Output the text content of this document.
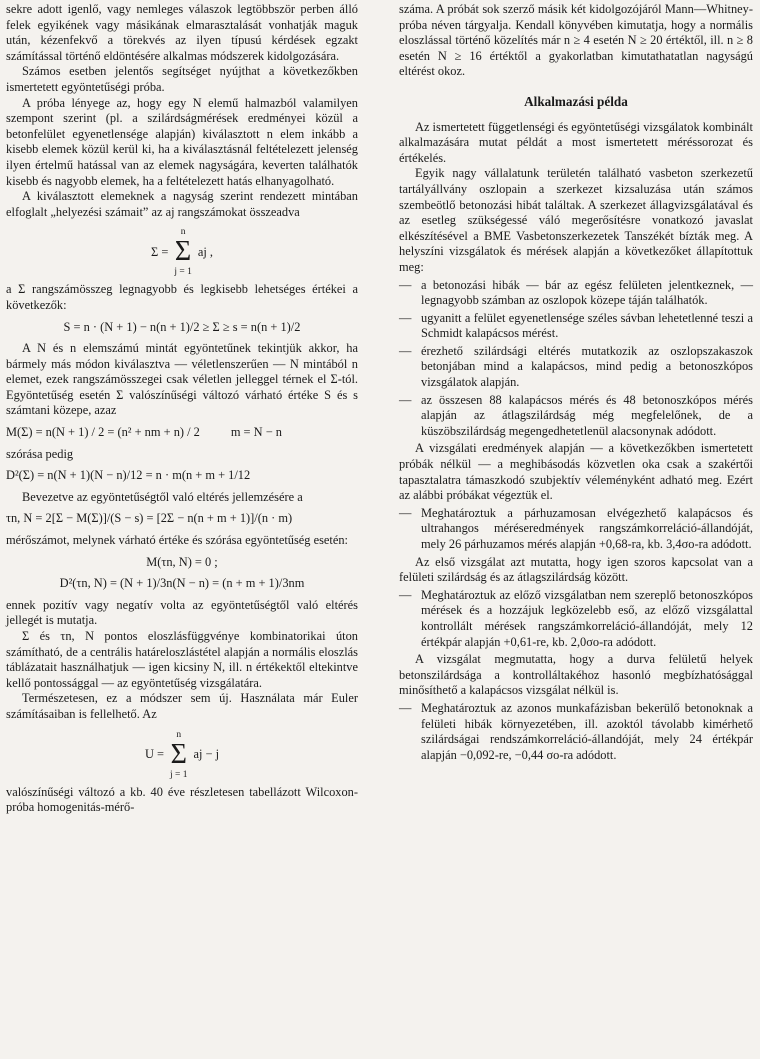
sekre adott igenlő, vagy nemleges válaszok legtöbbször perben álló felek egyikének vagy másikának elmarasztalását vonhatják maguk után, kézenfekvő a törekvés az ilyen típusú kérdések egzakt számítással történő eldöntésére alkalmas módszerek kidolgozására.

Számos esetben jelentős segítséget nyújthat a következőkben ismertetett egyöntetűségi próba.

A próba lényege az, hogy egy N elemű halmazból valamilyen szempont szerint (pl. a szilárdságmérések eredményei közül a betonfelület egyenetlensége alapján) kiválasztott n elem inkább a kisebb elemek közül kerül ki, ha a kiválasztásnál feltételezett jelenség ilyen értelmű hatással van az elemek nagyságára, keverten találhatók kisebb és nagyobb elemek, ha a feltételezett hatás elhanyagolható.

A kiválasztott elemeknek a nagyság szerint rendezett mintában elfoglalt „helyezési számait” az aj rangszámokat összeadva

Σ =
n
Σ
j = 1
aj ,

a Σ rangszámösszeg legnagyobb és legkisebb lehetséges értékei a következők:

S = n · (N + 1) − n(n + 1)/2 ≥ Σ ≥ s = n(n + 1)/2

A N és n elemszámú mintát egyöntetűnek tekintjük akkor, ha bármely más módon kiválasztva — véletlenszerűen — N mintából n elemet, ezek rangszámösszegei csak véletlen jelleggel térnek el Σ-tól. Egyöntetűség esetén Σ valószínűségi változó várható értéke S és s számtani közepe, azaz

M(Σ) = n(N + 1) / 2 = (n² + nm + n) / 2          m = N − n

szórása pedig

D²(Σ) = n(N + 1)(N − n)/12 = n · m(n + m + 1/12

Bevezetve az egyöntetűségtől való eltérés jellemzésére a

τn, N = 2[Σ − M(Σ)]/(S − s) = [2Σ − n(n + m + 1)]/(n · m)

mérőszámot, melynek várható értéke és szórása egyöntetűség esetén:

M(τn, N) = 0 ;
D²(τn, N) = (N + 1)/3n(N − n) = (n + m + 1)/3nm

ennek pozitív vagy negatív volta az egyöntetűségtől való eltérés jellegét is mutatja.

Σ és τn, N pontos eloszlásfüggvénye kombinatorikai úton számítható, de a centrális határeloszlástétel alapján a normális eloszlás táblázatait használhatjuk — igen kicsiny N, ill. n értékektől eltekintve kellő pontossággal — az egyöntetűség vizsgálatára.

Természetesen, ez a módszer sem új. Használata már Euler számításaiban is fellelhető. Az

U =
n
Σ
j = 1
aj − j

valószínűségi változó a kb. 40 éve részletesen tabellázott Wilcoxon-próba homogenitás-mérő-

száma. A próbát sok szerző másik két kidolgozójáról Mann—Whitney-próba néven tárgyalja. Kendall könyvében kimutatja, hogy a normális eloszlással történő közelítés már n ≥ 4 esetén N ≥ 20 értéktől, ill. n ≥ 8 esetén N ≥ 16 értéktől a gyakorlatban kimutathatatlan nagyságú eltérést okoz.

Alkalmazási példa

Az ismertetett függetlenségi és egyöntetűségi vizsgálatok kombinált alkalmazására mutat példát a most ismertetett méréssorozat és értékelés.

Egyik nagy vállalatunk területén található vasbeton szerkezetű tartályállvány oszlopain a szerkezet kizsaluzása után számos szembeötlő betonozási hibát találtak. A szerkezet állagvizsgálatával és az esetleg szükségessé váló megerősítésre vonatkozó javaslat elkészítésével a BME Vasbetonszerkezetek Tanszékét bízták meg. A helyszíni vizsgálatok és mérések alapján a következőket állapítottuk meg:

— a betonozási hibák — bár az egész felületen jelentkeznek, — legnagyobb számban az oszlopok közepe táján találhatók.
— ugyanitt a felület egyenetlensége széles sávban lehetetlenné teszi a Schmidt kalapácsos mérést.
— érezhető szilárdsági eltérés mutatkozik az oszlopszakaszok betonjában mind a kalapácsos, mind pedig a betonoszkópos vizsgálatok alapján.
— az összesen 88 kalapácsos mérés és 48 betonoszkópos mérés alapján az átlagszilárdság még megfelelőnek, de a küszöbszilárdság megengedhetetlenül alacsonynak adódott.

A vizsgálati eredmények alapján — a következőkben ismertetett próbák nélkül — a meghibásodás közvetlen oka csak a szakértői tapasztalatra támaszkodó szubjektív véleményként adható meg. Ezért az alábbi próbákat végeztük el.

— Meghatároztuk a párhuzamosan elvégezhető kalapácsos és ultrahangos méréseredmények rangszámkorreláció-állandóját, mely 26 párhuzamos mérés alapján +0,68-ra, kb. 3,4σo-ra adódott.

Az első vizsgálat azt mutatta, hogy igen szoros kapcsolat van a felületi szilárdság és az átlagszilárdság között.

— Meghatároztuk az előző vizsgálatban nem szereplő betonoszkópos mérések és a hozzájuk legközelebb eső, az előző vizsgálattal kontrollált mérések rangszámkorreláció-állandóját, mely 12 értékpár alapján +0,61-re, kb. 2,0σo-ra adódott.

A vizsgálat megmutatta, hogy a durva felületű helyek betonszilárdsága a kontrolláltakéhoz hasonló megbízhatósággal minősíthető a kalapácsos vizsgálat nélkül is.

— Meghatároztuk az azonos munkafázisban bekerülő betonoknak a felületi hibák környezetében, ill. azoktól távolabb kimérhető szilárdságai rendszámkorreláció-állandóját, mely 24 értékpár alapján −0,092-re, −0,44 σo-ra adódott.
